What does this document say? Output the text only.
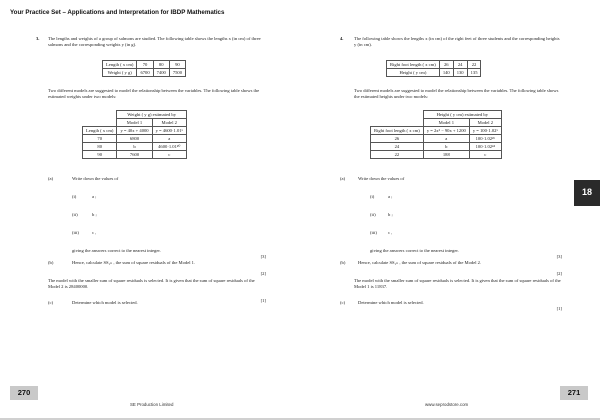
Your Practice Set – Applications and Interpretation for IBDP Mathematics
3. The lengths and weights of a group of salmons are studied. The following table shows the lengths x (in cm) of three salmons and the corresponding weights y (in g).

Length ( x cm)	70	80	90
Weight ( y g)	6700	7400	7500

Two different models are suggested to model the relationship between the variables. The following table shows the estimated weights under two models:

	Weight ( y g) estimated by	
	Model 1	Model 2
Length ( x cm)	y = 40x + 4000	y = 4600·1.01ˣ
70	6800	a
80	b	4600·1.01⁸⁰
90	7600	c
(a)	Write down the values of
(i)	a ;
(ii)	b ;
(iii)	c ,
giving the answers correct to the nearest integer.
[3]
(b)	Hence, calculate SS₁ₙ , the sum of square residuals of the Model 1.
[2]

The model with the smaller sum of square residuals is selected. It is given that the sum of square residuals of the Model 2 is 28400000.

(c)	Determine which model is selected.	[1]
4. The following table shows the lengths x (in cm) of the right feet of three students and the corresponding heights y (in cm).

Right foot length ( x cm)	26	24	22
Height ( y cm)	140	130	135

Two different models are suggested to model the relationship between the variables. The following table shows the estimated heights under two models:

	Height ( y cm) estimated by	
	Model 1	Model 2
Right foot length ( x cm)	y = 2x² − 90x + 1200	y = 100·1.02ˣ
26	a	100·1.02²⁶
24	b	100·1.02²⁴
22	188	c
(a)	Write down the values of
(i)	a ;
(ii)	b ;
(iii) c ,
giving the answers correct to the nearest integer.
[3]
(b)	Hence, calculate SS₁ₙ , the sum of square residuals of the Model 2.
[2]

The model with the smaller sum of square residuals is selected. It is given that the sum of square residuals of the Model 1 is 11837.

(c)	Determine which model is selected.
[1]
18
270	271
SE Production Limited	www.seprodstore.com
